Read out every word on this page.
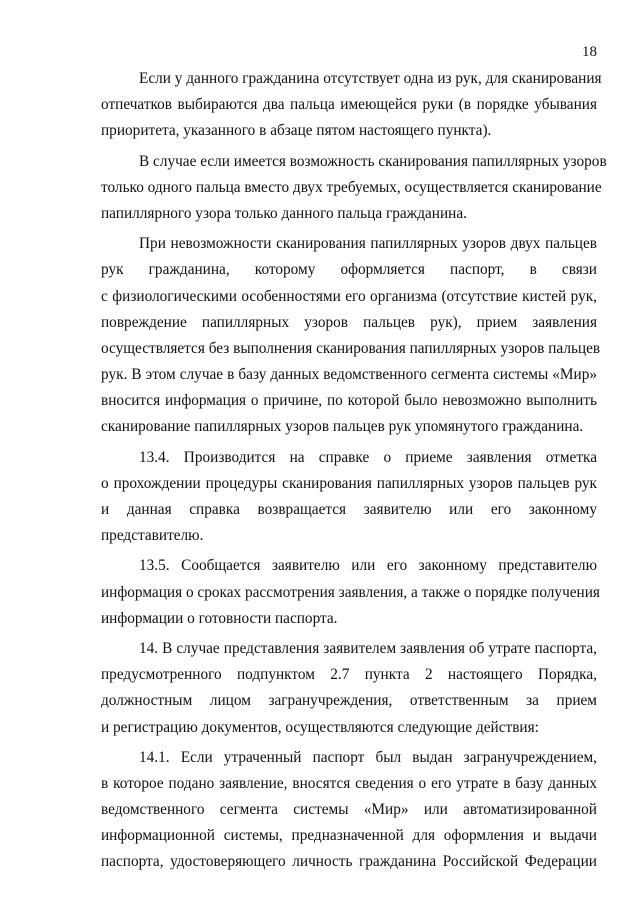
18
Если у данного гражданина отсутствует одна из рук, для сканирования
отпечатков выбираются два пальца имеющейся руки (в порядке убывания
приоритета, указанного в абзаце пятом настоящего пункта).
В случае если имеется возможность сканирования папиллярных узоров
только одного пальца вместо двух требуемых, осуществляется сканирование
папиллярного узора только данного пальца гражданина.
При невозможности сканирования папиллярных узоров двух пальцев
рук гражданина, которому оформляется паспорт, в связи
с физиологическими особенностями его организма (отсутствие кистей рук,
повреждение папиллярных узоров пальцев рук), прием заявления
осуществляется без выполнения сканирования папиллярных узоров пальцев
рук. В этом случае в базу данных ведомственного сегмента системы «Мир»
вносится информация о причине, по которой было невозможно выполнить
сканирование папиллярных узоров пальцев рук упомянутого гражданина.
13.4. Производится на справке о приеме заявления отметка
о прохождении процедуры сканирования папиллярных узоров пальцев рук
и данная справка возвращается заявителю или его законному
представителю.
13.5. Сообщается заявителю или его законному представителю
информация о сроках рассмотрения заявления, а также о порядке получения
информации о готовности паспорта.
14. В случае представления заявителем заявления об утрате паспорта,
предусмотренного подпунктом 2.7 пункта 2 настоящего Порядка,
должностным лицом загранучреждения, ответственным за прием
и регистрацию документов, осуществляются следующие действия:
14.1. Если утраченный паспорт был выдан загранучреждением,
в которое подано заявление, вносятся сведения о его утрате в базу данных
ведомственного сегмента системы «Мир» или автоматизированной
информационной системы, предназначенной для оформления и выдачи
паспорта, удостоверяющего личность гражданина Российской Федерации
